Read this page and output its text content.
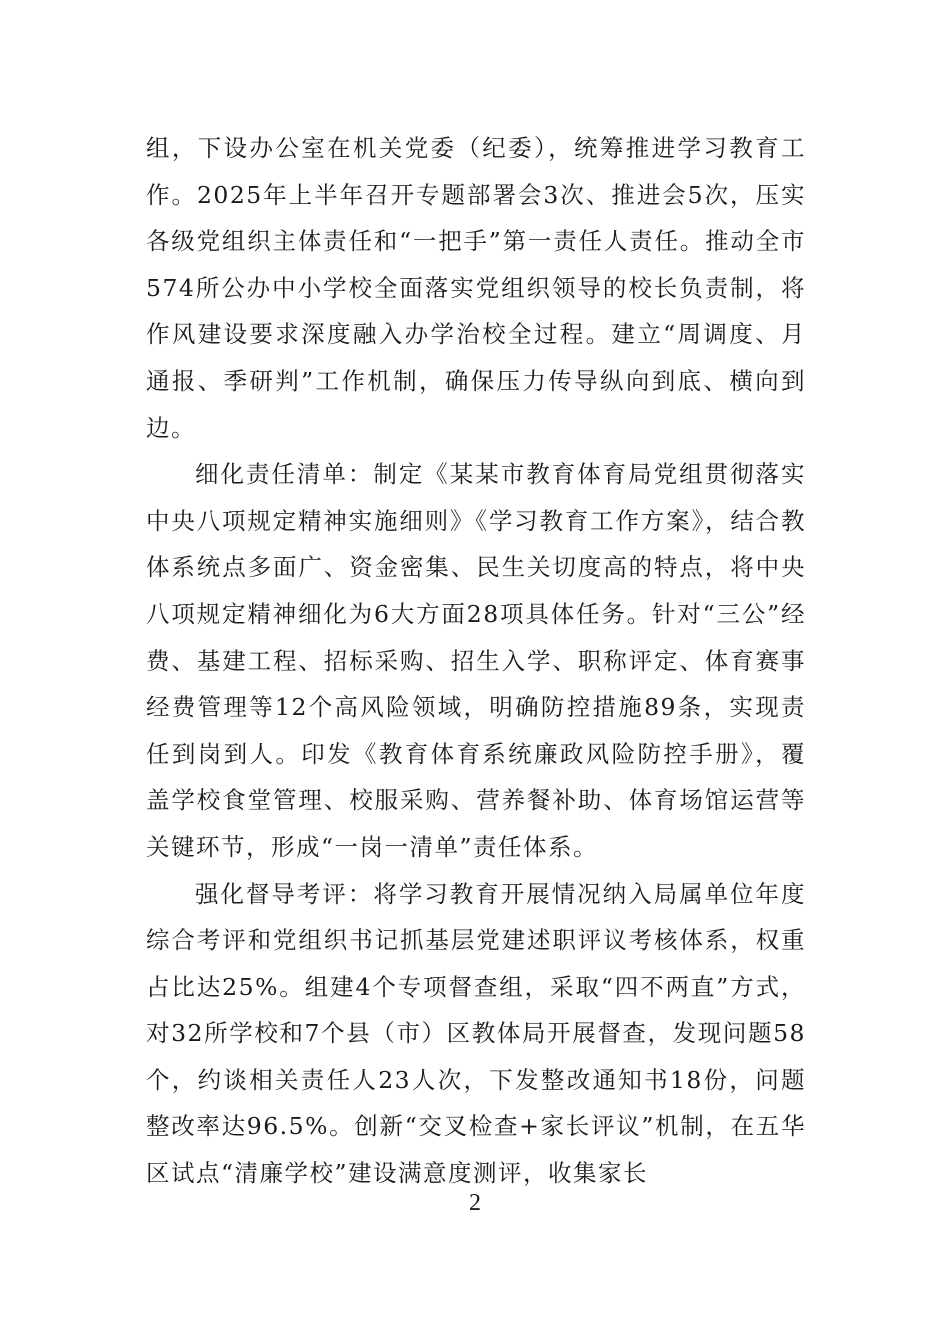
组，下设办公室在机关党委（纪委），统筹推进学习教育工作。2025年上半年召开专题部署会3次、推进会5次，压实各级党组织主体责任和“一把手”第一责任人责任。推动全市574所公办中小学校全面落实党组织领导的校长负责制，将作风建设要求深度融入办学治校全过程。建立“周调度、月通报、季研判”工作机制，确保压力传导纵向到底、横向到边。

细化责任清单：制定《某某市教育体育局党组贯彻落实中央八项规定精神实施细则》《学习教育工作方案》，结合教体系统点多面广、资金密集、民生关切度高的特点，将中央八项规定精神细化为6大方面28项具体任务。针对“三公”经费、基建工程、招标采购、招生入学、职称评定、体育赛事经费管理等12个高风险领域，明确防控措施89条，实现责任到岗到人。印发《教育体育系统廉政风险防控手册》，覆盖学校食堂管理、校服采购、营养餐补助、体育场馆运营等关键环节，形成“一岗一清单”责任体系。

强化督导考评：将学习教育开展情况纳入局属单位年度综合考评和党组织书记抓基层党建述职评议考核体系，权重占比达25%。组建4个专项督查组，采取“四不两直”方式，对32所学校和7个县（市）区教体局开展督查，发现问题58个，约谈相关责任人23人次，下发整改通知书18份，问题整改率达96.5%。创新“交叉检查+家长评议”机制，在五华区试点“清廉学校”建设满意度测评，收集家长

2
